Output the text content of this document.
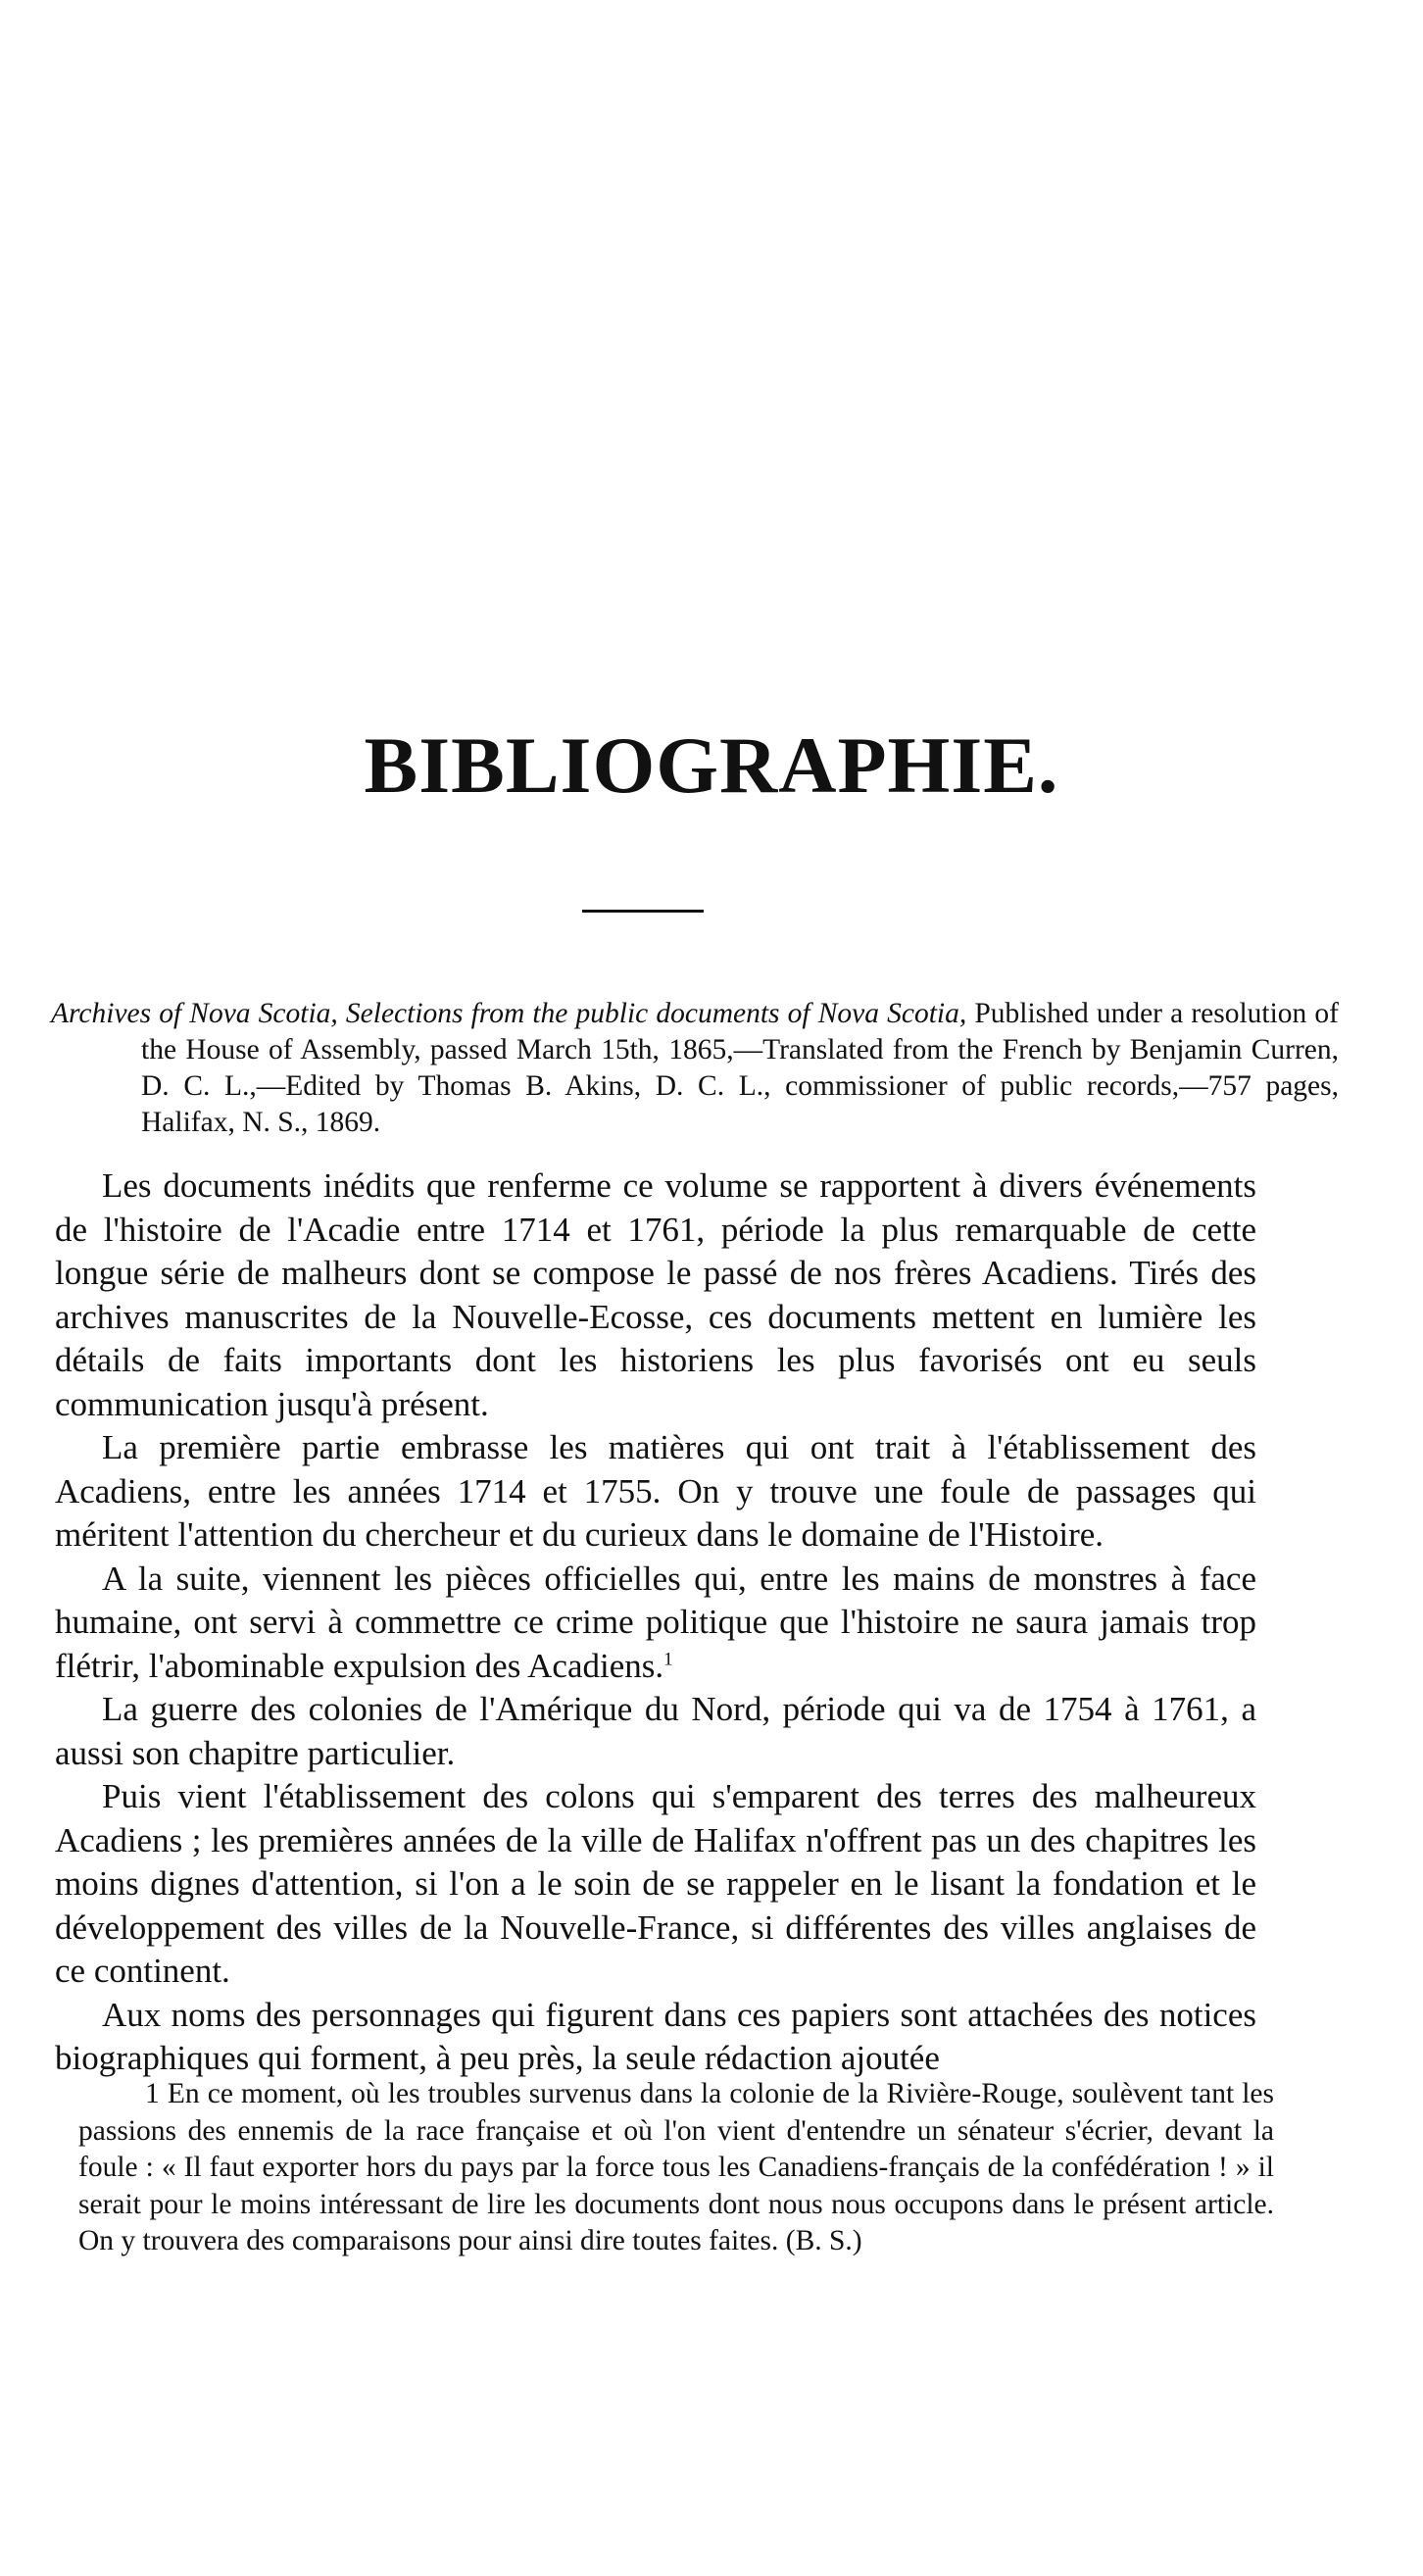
BIBLIOGRAPHIE.

Archives of Nova Scotia, Selections from the public documents of Nova Scotia, Published under a resolution of the House of Assembly, passed March 15th, 1865,—Translated from the French by Benjamin Curren, D. C. L.,—Edited by Thomas B. Akins, D. C. L., commissioner of public records,—757 pages, Halifax, N. S., 1869.

Les documents inédits que renferme ce volume se rapportent à divers événements de l'histoire de l'Acadie entre 1714 et 1761, période la plus remarquable de cette longue série de malheurs dont se compose le passé de nos frères Acadiens. Tirés des archives manuscrites de la Nouvelle-Ecosse, ces documents mettent en lumière les détails de faits importants dont les historiens les plus favorisés ont eu seuls communication jusqu'à présent.

La première partie embrasse les matières qui ont trait à l'établissement des Acadiens, entre les années 1714 et 1755. On y trouve une foule de passages qui méritent l'attention du chercheur et du curieux dans le domaine de l'Histoire.

A la suite, viennent les pièces officielles qui, entre les mains de monstres à face humaine, ont servi à commettre ce crime politique que l'histoire ne saura jamais trop flétrir, l'abominable expulsion des Acadiens.$^1$

La guerre des colonies de l'Amérique du Nord, période qui va de 1754 à 1761, a aussi son chapitre particulier.

Puis vient l'établissement des colons qui s'emparent des terres des malheureux Acadiens ; les premières années de la ville de Halifax n'offrent pas un des chapitres les moins dignes d'attention, si l'on a le soin de se rappeler en le lisant la fondation et le développement des villes de la Nouvelle-France, si différentes des villes anglaises de ce continent.

Aux noms des personnages qui figurent dans ces papiers sont attachées des notices biographiques qui forment, à peu près, la seule rédaction ajoutée

1 En ce moment, où les troubles survenus dans la colonie de la Rivière-Rouge, soulèvent tant les passions des ennemis de la race française et où l'on vient d'entendre un sénateur s'écrier, devant la foule : « Il faut exporter hors du pays par la force tous les Canadiens-français de la confédération ! » il serait pour le moins intéressant de lire les documents dont nous nous occupons dans le présent article. On y trouvera des comparaisons pour ainsi dire toutes faites. (B. S.)
